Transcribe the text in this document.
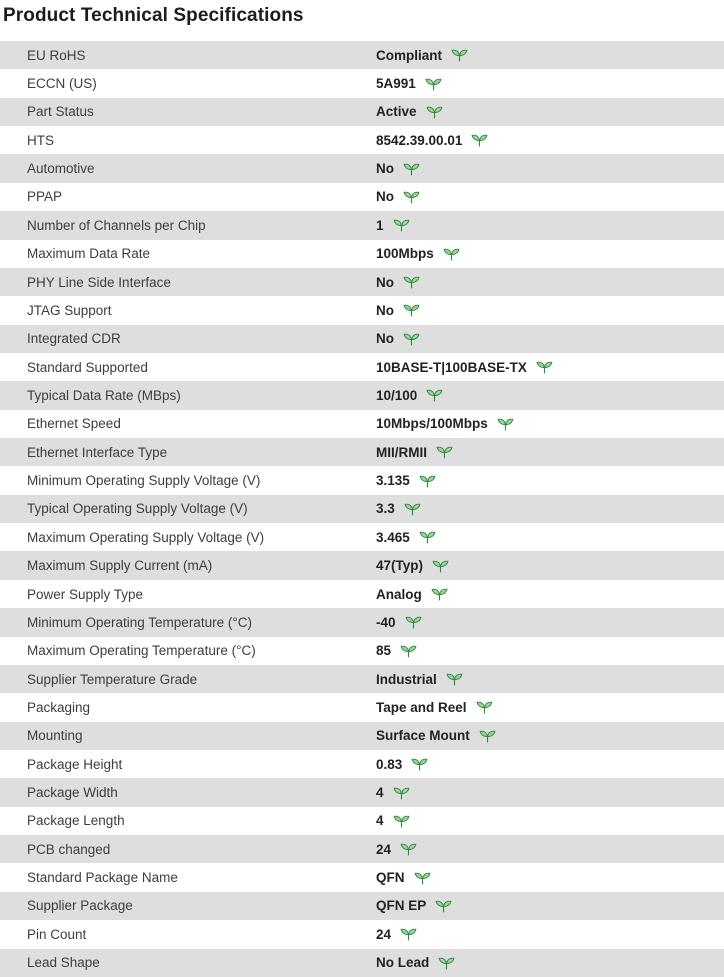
Product Technical Specifications
EU RoHS	Compliant
ECCN (US)	5A991
Part Status	Active
HTS	8542.39.00.01
Automotive	No
PPAP	No
Number of Channels per Chip	1
Maximum Data Rate	100Mbps
PHY Line Side Interface	No
JTAG Support	No
Integrated CDR	No
Standard Supported	10BASE-T|100BASE-TX
Typical Data Rate (MBps)	10/100
Ethernet Speed	10Mbps/100Mbps
Ethernet Interface Type	MII/RMII
Minimum Operating Supply Voltage (V)	3.135
Typical Operating Supply Voltage (V)	3.3
Maximum Operating Supply Voltage (V)	3.465
Maximum Supply Current (mA)	47(Typ)
Power Supply Type	Analog
Minimum Operating Temperature (°C)	-40
Maximum Operating Temperature (°C)	85
Supplier Temperature Grade	Industrial
Packaging	Tape and Reel
Mounting	Surface Mount
Package Height	0.83
Package Width	4
Package Length	4
PCB changed	24
Standard Package Name	QFN
Supplier Package	QFN EP
Pin Count	24
Lead Shape	No Lead
